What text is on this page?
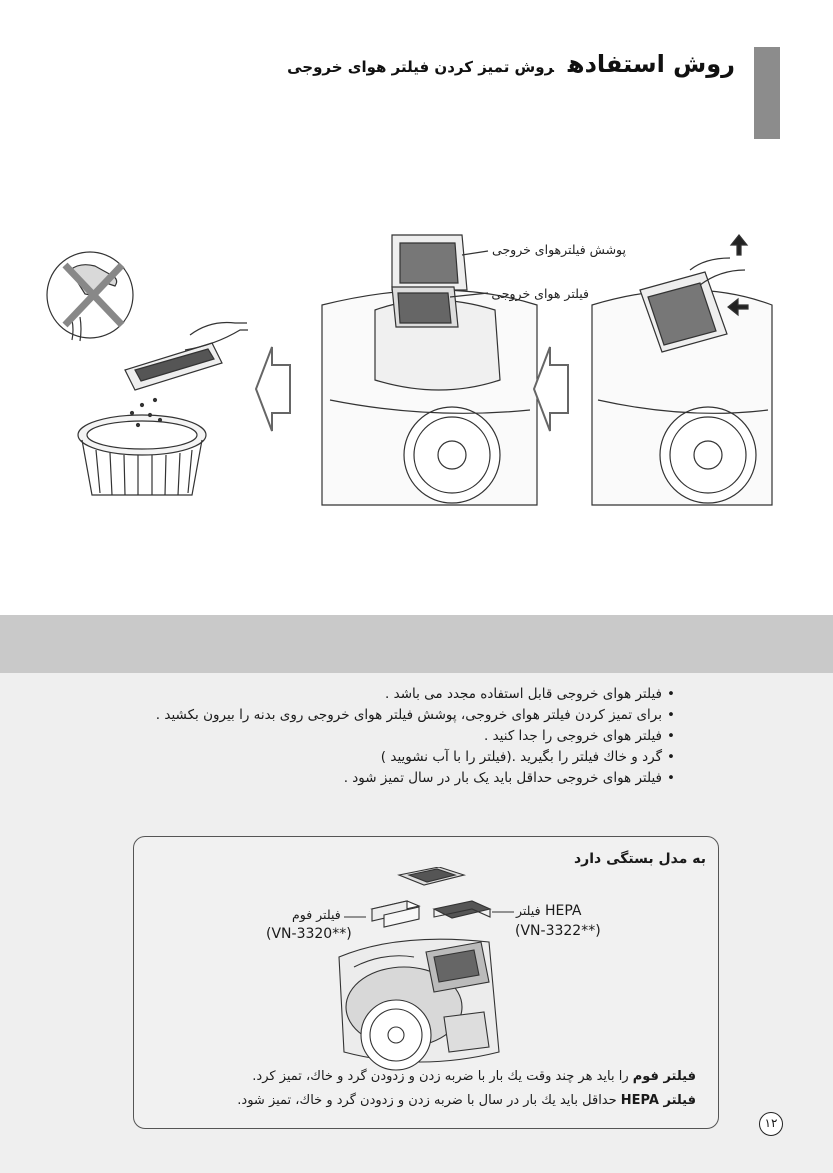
روش استفادهروش تميز كردن فيلتر هواى خروجى
پوشش فيلترهواى خروجى
فيلتر هواى خروجى
• فيلتر هواى خروجى قابل استفاده مجدد مى باشد .
• براى تميز كردن فيلتر هواى خروجى، پوشش فيلتر هواى خروجى روى بدنه را بيرون بكشيد .
• فيلتر هواى خروجى را جدا كنيد .
• گرد و خاك فيلتر را بگيريد .(فيلتر را با آب نشوييد )
• فيلتر هواى خروجى حداقل بايد يک بار در سال تميز شود .
به مدل بستگى دارد
فيلتر فوم
(VN-3320**)
فيلتر HEPA
(VN-3322**)
فيلتر فوم را بايد هر چند وقت يك بار با ضربه زدن و زدودن گرد و خاك، تميز كرد.
فيلتر HEPA حداقل بايد يك بار در سال با ضربه زدن و زدودن گرد و خاك، تميز شود.
١٢
